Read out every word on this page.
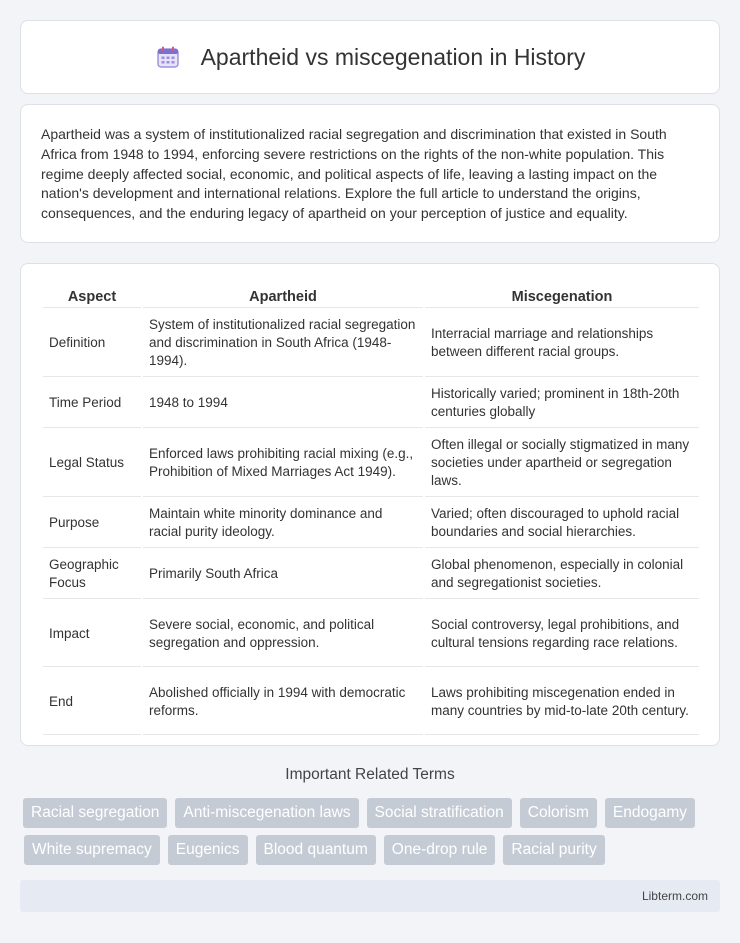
Apartheid vs miscegenation in History

Apartheid was a system of institutionalized racial segregation and discrimination that existed in South Africa from 1948 to 1994, enforcing severe restrictions on the rights of the non-white population. This regime deeply affected social, economic, and political aspects of life, leaving a lasting impact on the nation's development and international relations. Explore the full article to understand the origins, consequences, and the enduring legacy of apartheid on your perception of justice and equality.

Aspect	Apartheid	Miscegenation
Definition	System of institutionalized racial segregation and discrimination in South Africa (1948-1994).	Interracial marriage and relationships between different racial groups.
Time Period	1948 to 1994	Historically varied; prominent in 18th-20th centuries globally
Legal Status	Enforced laws prohibiting racial mixing (e.g., Prohibition of Mixed Marriages Act 1949).	Often illegal or socially stigmatized in many societies under apartheid or segregation laws.
Purpose	Maintain white minority dominance and racial purity ideology.	Varied; often discouraged to uphold racial boundaries and social hierarchies.
Geographic Focus	Primarily South Africa	Global phenomenon, especially in colonial and segregationist societies.
Impact	Severe social, economic, and political segregation and oppression.	Social controversy, legal prohibitions, and cultural tensions regarding race relations.
End	Abolished officially in 1994 with democratic reforms.	Laws prohibiting miscegenation ended in many countries by mid-to-late 20th century.
Important Related Terms
Racial segregation Anti-miscegenation laws Social stratification Colorism Endogamy
White supremacy Eugenics Blood quantum One-drop rule Racial purity
Libterm.com
